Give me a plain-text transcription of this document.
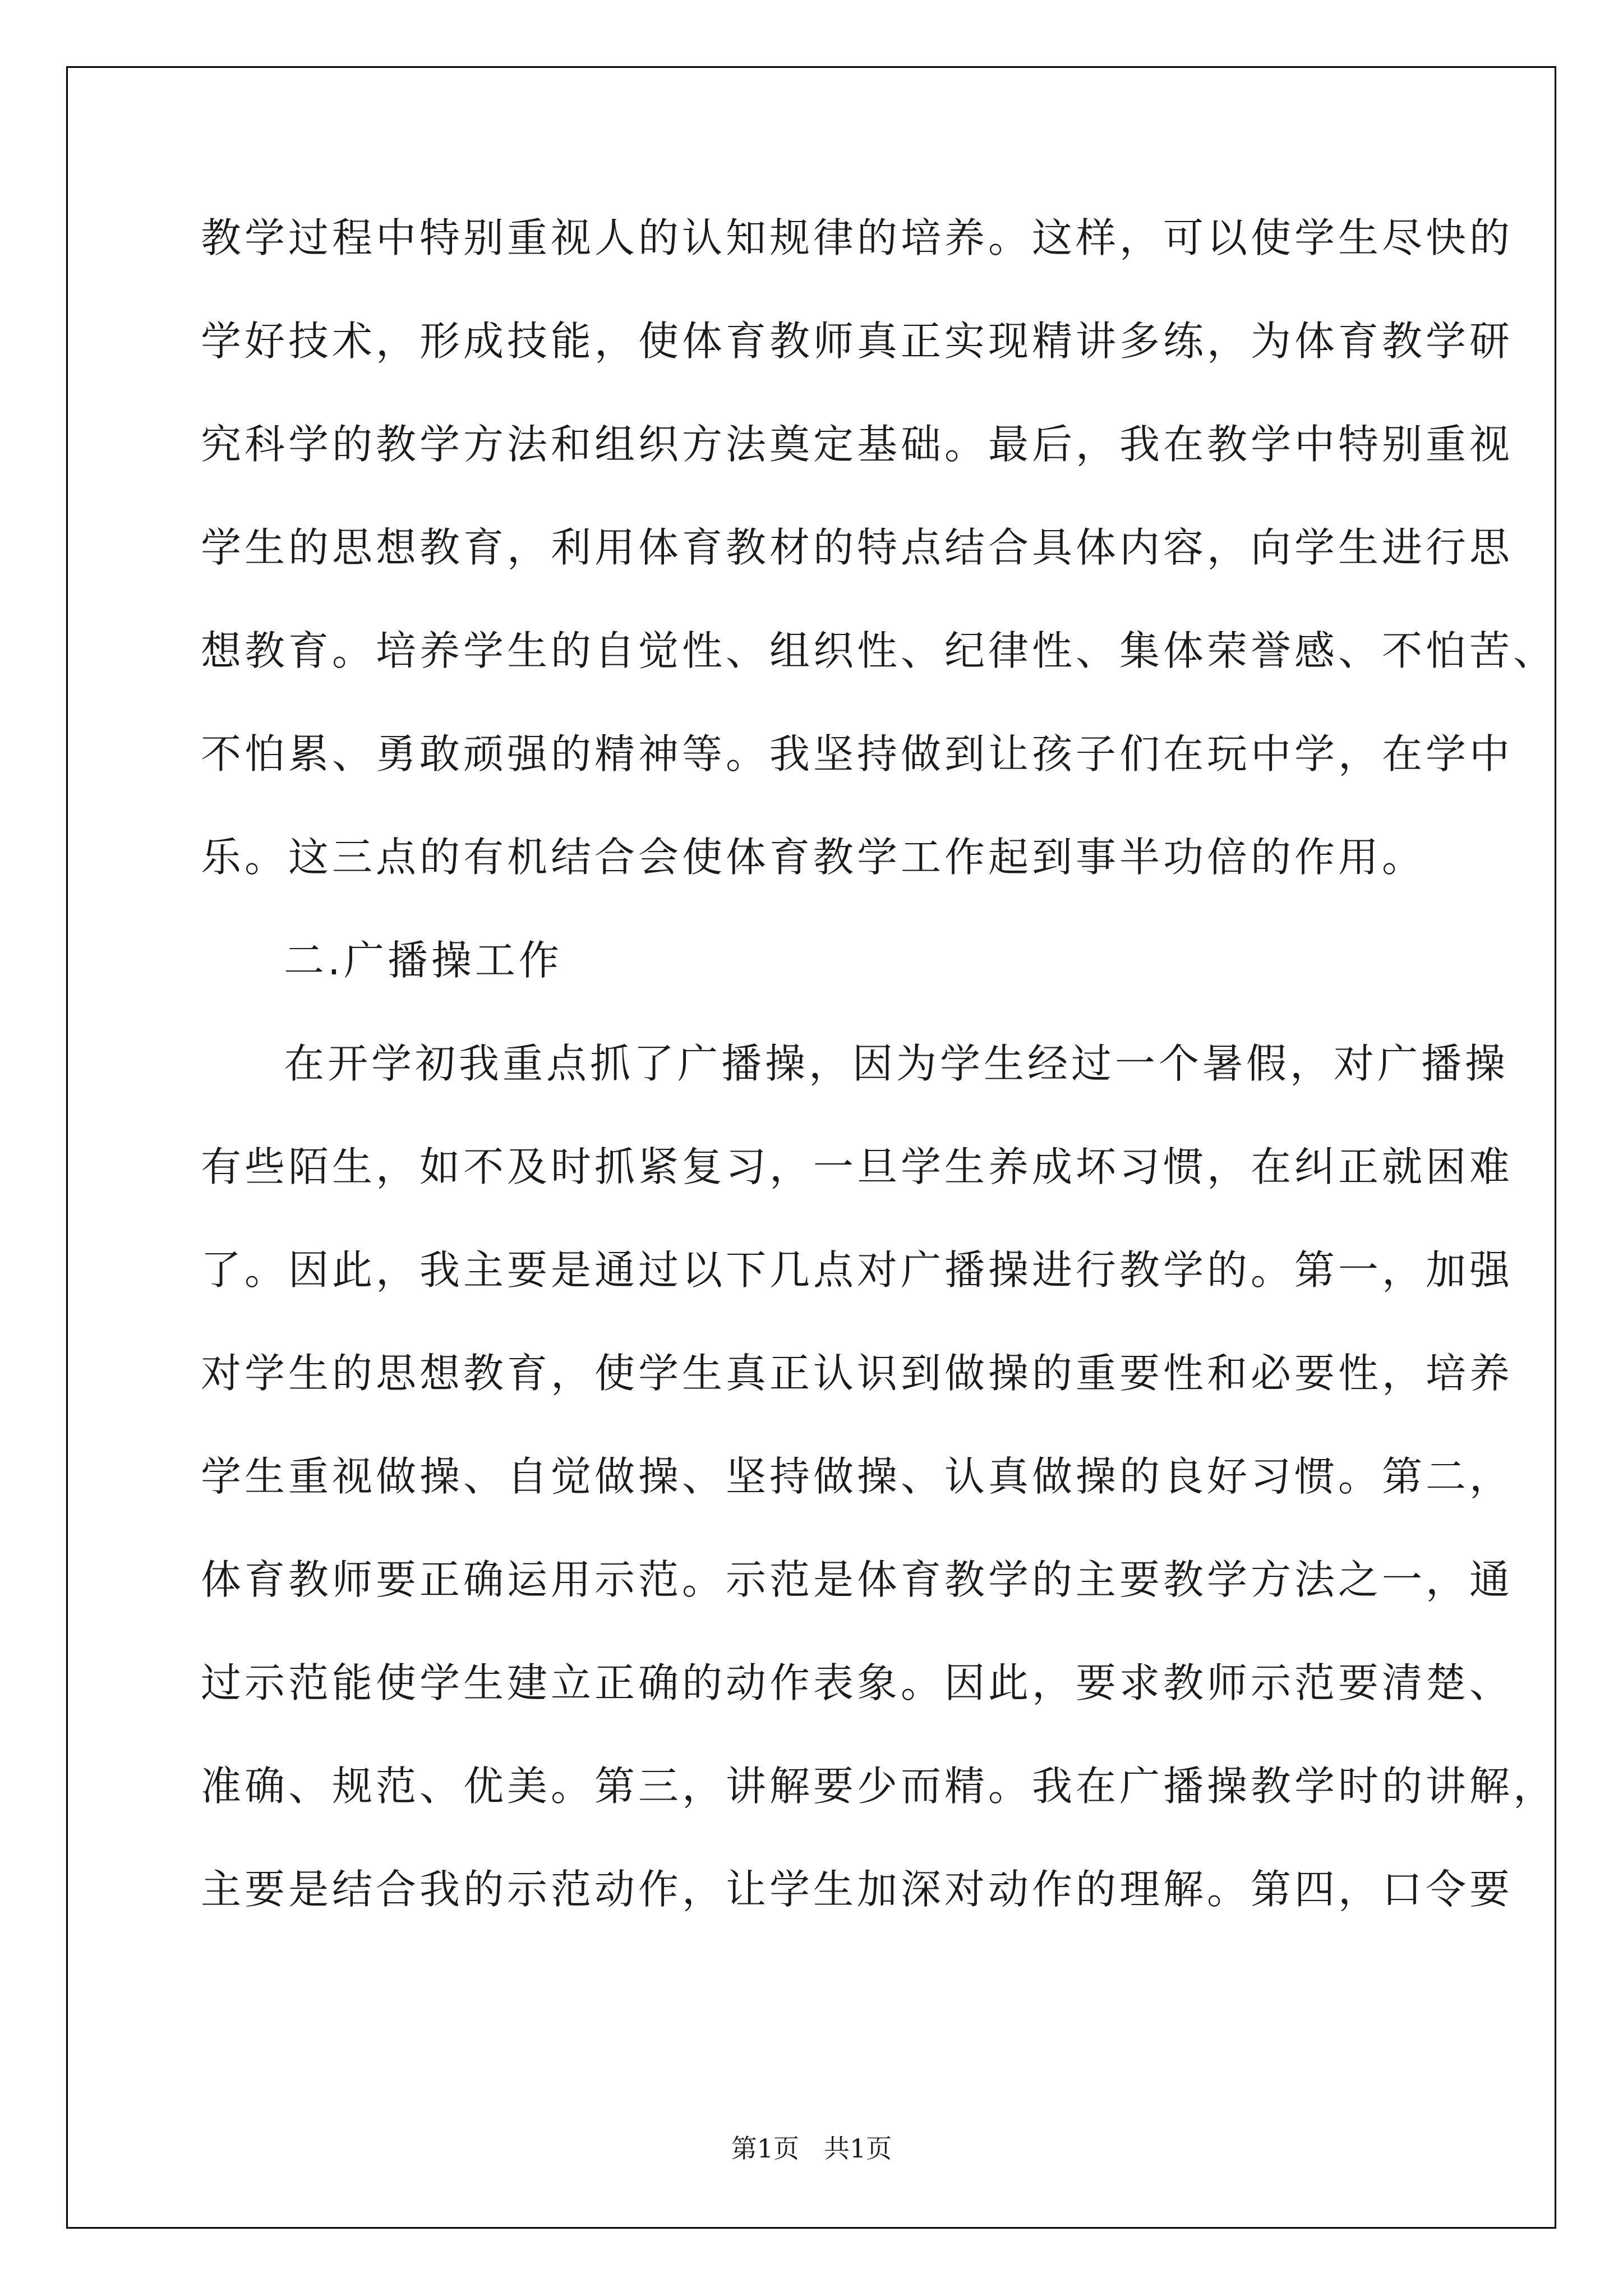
教学过程中特别重视人的认知规律的培养。这样，可以使学生尽快的
学好技术，形成技能，使体育教师真正实现精讲多练，为体育教学研
究科学的教学方法和组织方法奠定基础。最后，我在教学中特别重视
学生的思想教育，利用体育教材的特点结合具体内容，向学生进行思
想教育。培养学生的自觉性、组织性、纪律性、集体荣誉感、不怕苦、
不怕累、勇敢顽强的精神等。我坚持做到让孩子们在玩中学，在学中
乐。这三点的有机结合会使体育教学工作起到事半功倍的作用。
二.广播操工作
在开学初我重点抓了广播操，因为学生经过一个暑假，对广播操
有些陌生，如不及时抓紧复习，一旦学生养成坏习惯，在纠正就困难
了。因此，我主要是通过以下几点对广播操进行教学的。第一，加强
对学生的思想教育，使学生真正认识到做操的重要性和必要性，培养
学生重视做操、自觉做操、坚持做操、认真做操的良好习惯。第二，
体育教师要正确运用示范。示范是体育教学的主要教学方法之一，通
过示范能使学生建立正确的动作表象。因此，要求教师示范要清楚、
准确、规范、优美。第三，讲解要少而精。我在广播操教学时的讲解，
主要是结合我的示范动作，让学生加深对动作的理解。第四，口令要
第1页 共1页
